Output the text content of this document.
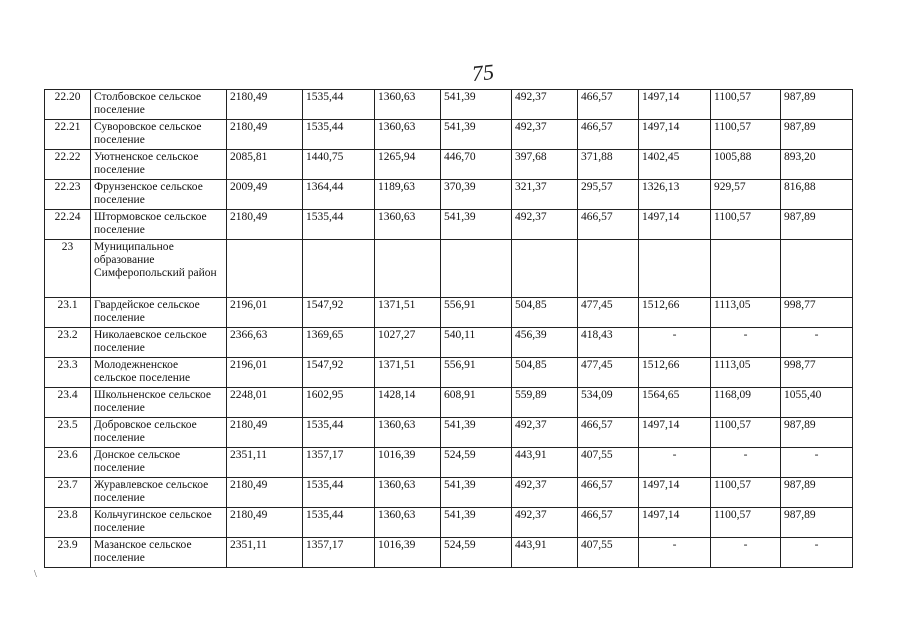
75
\
22.20	Столбовское сельское поселение	2180,49	1535,44	1360,63	541,39	492,37	466,57	1497,14	1100,57	987,89
22.21	Суворовское сельское поселение	2180,49	1535,44	1360,63	541,39	492,37	466,57	1497,14	1100,57	987,89
22.22	Уютненское сельское поселение	2085,81	1440,75	1265,94	446,70	397,68	371,88	1402,45	1005,88	893,20
22.23	Фрунзенское сельское поселение	2009,49	1364,44	1189,63	370,39	321,37	295,57	1326,13	929,57	816,88
22.24	Штормовское сельское поселение	2180,49	1535,44	1360,63	541,39	492,37	466,57	1497,14	1100,57	987,89
23	Муниципальное образование Симферопольский район									
23.1	Гвардейское сельское поселение	2196,01	1547,92	1371,51	556,91	504,85	477,45	1512,66	1113,05	998,77
23.2	Николаевское сельское поселение	2366,63	1369,65	1027,27	540,11	456,39	418,43	-	-	-
23.3	Молодежненское сельское поселение	2196,01	1547,92	1371,51	556,91	504,85	477,45	1512,66	1113,05	998,77
23.4	Школьненское сельское поселение	2248,01	1602,95	1428,14	608,91	559,89	534,09	1564,65	1168,09	1055,40
23.5	Добровское сельское поселение	2180,49	1535,44	1360,63	541,39	492,37	466,57	1497,14	1100,57	987,89
23.6	Донское сельское поселение	2351,11	1357,17	1016,39	524,59	443,91	407,55	-	-	-
23.7	Журавлевское сельское поселение	2180,49	1535,44	1360,63	541,39	492,37	466,57	1497,14	1100,57	987,89
23.8	Кольчугинское сельское поселение	2180,49	1535,44	1360,63	541,39	492,37	466,57	1497,14	1100,57	987,89
23.9	Мазанское сельское поселение	2351,11	1357,17	1016,39	524,59	443,91	407,55	-	-	-
